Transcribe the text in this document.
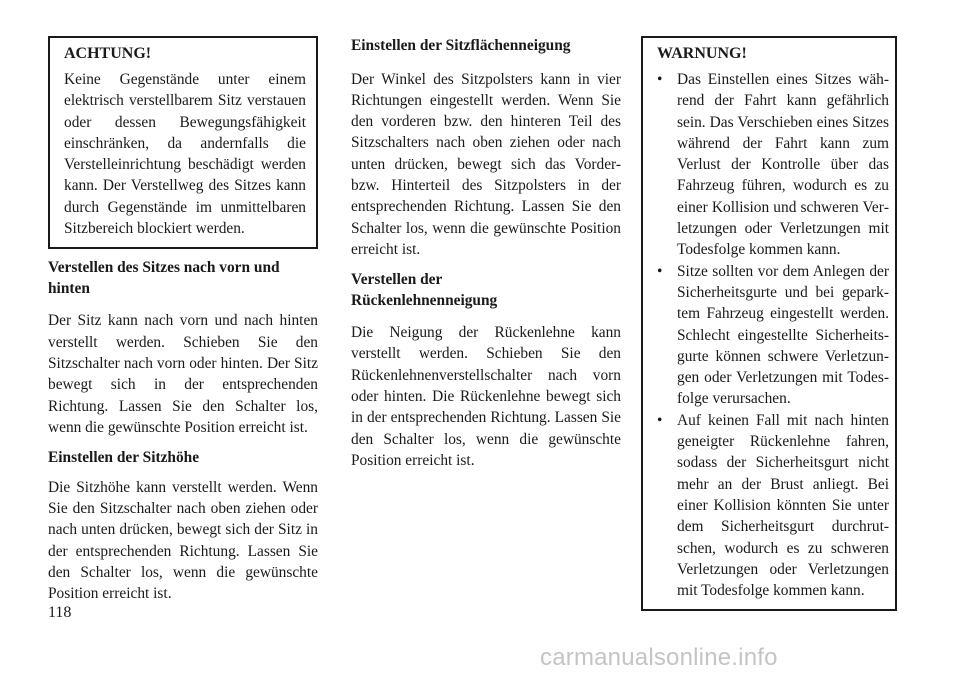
ACHTUNG!

Keine Gegenstände unter einem elektrisch verstellbarem Sitz verstauen oder dessen Bewegungsfähigkeit einschränken, da andernfalls die Verstelleinrichtung beschädigt werden kann. Der Verstellweg des Sitzes kann durch Gegenstände im unmittelbaren Sitzbereich blockiert werden.

Verstellen des Sitzes nach vorn und hinten

Der Sitz kann nach vorn und nach hinten verstellt werden. Schieben Sie den Sitzschalter nach vorn oder hinten. Der Sitz bewegt sich in der entsprechenden Richtung. Lassen Sie den Schalter los, wenn die gewünschte Position erreicht ist.

Einstellen der Sitzhöhe

Die Sitzhöhe kann verstellt werden. Wenn Sie den Sitzschalter nach oben ziehen oder nach unten drücken, bewegt sich der Sitz in der entsprechenden Richtung. Lassen Sie den Schalter los, wenn die gewünschte Position erreicht ist.

Einstellen der Sitzflächenneigung

Der Winkel des Sitzpolsters kann in vier Richtungen eingestellt werden. Wenn Sie den vorderen bzw. den hinteren Teil des Sitzschalters nach oben ziehen oder nach unten drücken, bewegt sich das Vorder- bzw. Hinterteil des Sitzpolsters in der entsprechenden Richtung. Lassen Sie den Schalter los, wenn die gewünschte Position erreicht ist.

Verstellen der
Rückenlehnenneigung

Die Neigung der Rückenlehne kann verstellt werden. Schieben Sie den Rückenlehnenverstellschalter nach vorn oder hinten. Die Rückenlehne bewegt sich in der entsprechenden Richtung. Lassen Sie den Schalter los, wenn die gewünschte Position erreicht ist.

WARNUNG!
• Das Einstellen eines Sitzes während der Fahrt kann gefährlich sein. Das Verschieben eines Sitzes während der Fahrt kann zum Verlust der Kontrolle über das Fahrzeug führen, wodurch es zu einer Kollision und schweren Verletzungen oder Verletzungen mit Todesfolge kommen kann.
• Sitze sollten vor dem Anlegen der Sicherheitsgurte und bei geparktem Fahrzeug eingestellt werden. Schlecht eingestellte Sicherheitsgurte können schwere Verletzungen oder Verletzungen mit Todesfolge verursachen.
• Auf keinen Fall mit nach hinten geneigter Rückenlehne fahren, sodass der Sicherheitsgurt nicht mehr an der Brust anliegt. Bei einer Kollision könnten Sie unter dem Sicherheitsgurt durchrutschen, wodurch es zu schweren Verletzungen oder Verletzungen mit Todesfolge kommen kann.
118
carmanualsonline.info
